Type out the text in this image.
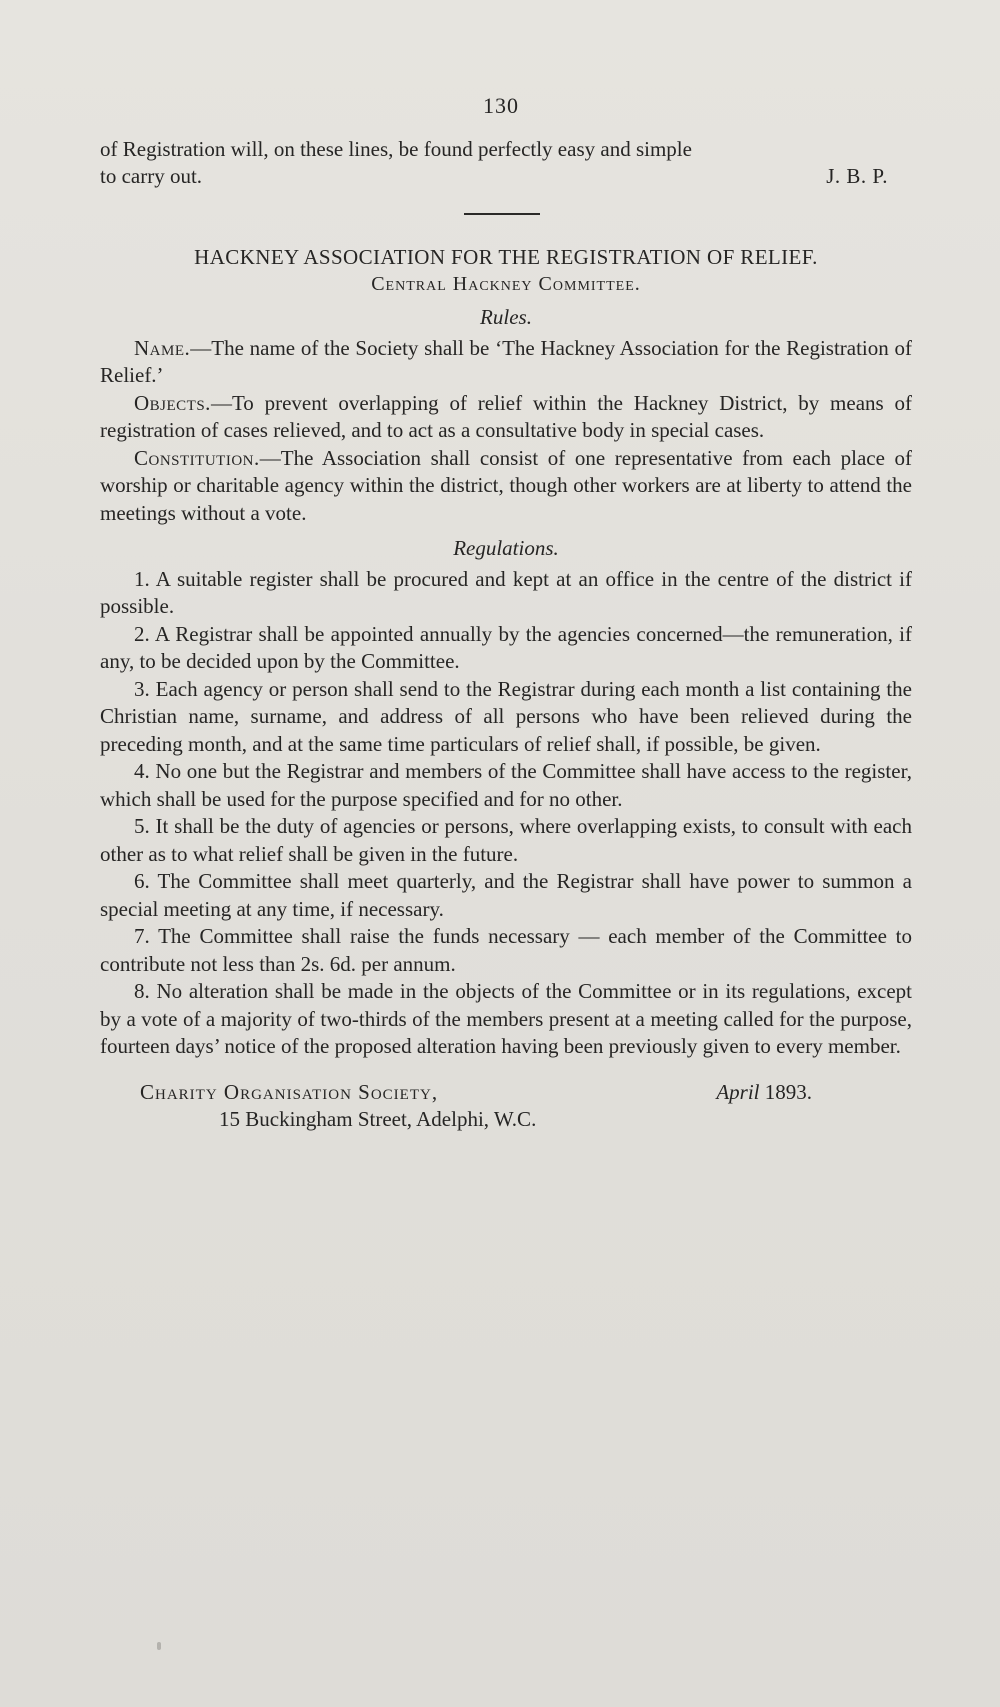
130

of Registration will, on these lines, be found perfectly easy and simple

to carry out.	J. B. P.

HACKNEY ASSOCIATION FOR THE REGISTRATION OF RELIEF.

Central Hackney Committee.

Rules.

Name.—The name of the Society shall be ‘The Hackney Association for the Registration of Relief.’

Objects.—To prevent overlapping of relief within the Hackney District, by means of registration of cases relieved, and to act as a consultative body in special cases.

Constitution.—The Association shall consist of one representative from each place of worship or charitable agency within the district, though other workers are at liberty to attend the meetings without a vote.

Regulations.

1. A suitable register shall be procured and kept at an office in the centre of the district if possible.

2. A Registrar shall be appointed annually by the agencies concerned—the remuneration, if any, to be decided upon by the Committee.

3. Each agency or person shall send to the Registrar during each month a list containing the Christian name, surname, and address of all persons who have been relieved during the preceding month, and at the same time particulars of relief shall, if possible, be given.

4. No one but the Registrar and members of the Committee shall have access to the register, which shall be used for the purpose specified and for no other.

5. It shall be the duty of agencies or persons, where overlapping exists, to consult with each other as to what relief shall be given in the future.

6. The Committee shall meet quarterly, and the Registrar shall have power to summon a special meeting at any time, if necessary.

7. The Committee shall raise the funds necessary — each member of the Committee to contribute not less than 2s. 6d. per annum.

8. No alteration shall be made in the objects of the Committee or in its regulations, except by a vote of a majority of two-thirds of the members present at a meeting called for the purpose, fourteen days’ notice of the proposed alteration having been previously given to every member.

Charity Organisation Society,	April 1893.
15 Buckingham Street, Adelphi, W.C.
